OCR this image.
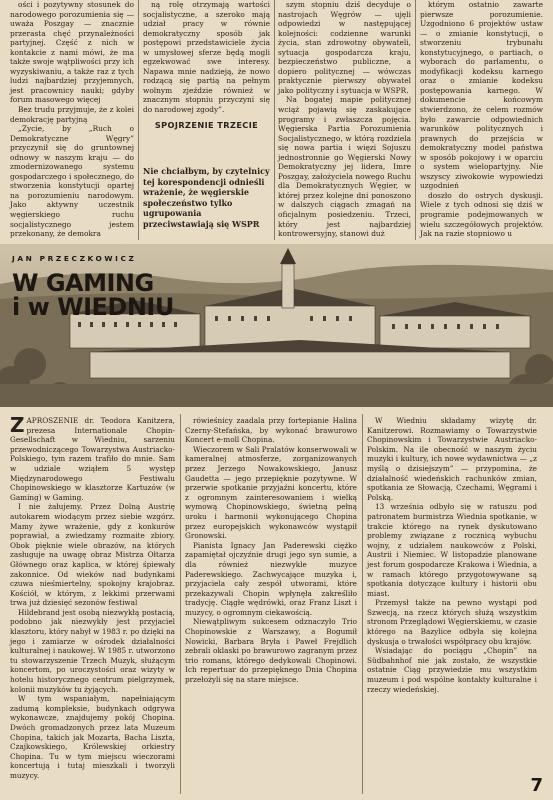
ości i pozytywny stosunek do narodowego porozumienia się — uważa Poszgay — znacznie przerasta chęć przynależności partyjnej. Część z nich w kontakcie z nami mówi, że ma także swoje wątpliwości przy ich wyzyskiwaniu, a także raz z tych ludzi najbardziej przyjemnych, jest pracownicy nauki; gdyby forum masowego więcej

Bez trudu przyjmuje, że z kolei demokrację partyjną

„Zycie, by „Ruch o Demokratyczne Węgry” przyczynił się do gruntownej odnowy w naszym kraju — do zmodernizowanego systemu gospodarczego i społecznego, do stworzenia konstytucji opartej na porozumieniu narodowym. Jako aktywny uczestnik węgierskiego ruchu socjalistycznego jestem przekonany, że demokra

ną rolę otrzymają wartości socjalistyczne, a szeroko mają udział pracy w równie demokratyczny sposób jak postępowi przedstawiciele życia w umysłowej sferze będą mogli egzekwować swe interesy. Napawa mnie nadzieją, że nowo rodzącą się partią na pełnym wolnym zjeździe również w znacznym stopniu przyczyni się do narodowej zgody”.

SPOJRZENIE TRZECIE
Nie chciałbym, by czytelnicy tej korespondencji odnieśli wrażenie, że węgierskie społeczeństwo tylko ugrupowania przeciwstawiają się WSPR

szym stopniu dziś decyduje o nastrojach Węgrów — ujęli odpowiedzi w następującej kolejności: codzienne warunki życia, stan zdrowotny obywateli, sytuacja gospodarcza kraju, bezpieczeństwo publiczne, a dopiero politycznej — wówczas praktycznie pierwszy obywatel jako polityczny i sytuacja w WSPR.

Na bogatej mapie politycznej wciąż pojawią się zaskakujące programy i zwłaszcza pojęcia. Węgierska Partia Porozumienia Socjalistycznego, w którą rozdziela się nowa partia i więzi Sojuszu jednostronnie go Węgierski Nowy Demokratyczny jej lidera, Imre Poszgay, założyciela nowego Ruchu dla Demokratycznych Węgier, w której przez kolejne dni ponoszono w dalszych ciągach zmagań na oficjalnym posiedzeniu. Trzeci, który jest najbardziej kontrowersyjny, stanowi duż

którym ostatnio zawarte pierwsze porozumienie. Uzgodniono 6 projektów ustaw — o zmianie konstytucji, o stworzeniu trybunału konstytucyjnego, o partiach, o wyborach do parlamentu, o modyfikacji kodeksu karnego oraz o zmianie kodeksu postępowania karnego. W dokumencie końcowym stwierdzono, że celem rozmów było zawarcie odpowiednich warunków politycznych i prawnych do przejścia w demokratyczny model państwa w sposób pokojowy i w oparciu o system wielopartyjny. Nie wszyscy ziwokowie wypowiedzi uzgodnień

doszło do ostrych dyskusji. Wiele z tych odnosi się dziś w programie podejmowanych w wielu szczegółowych projektów. Jak na razie stopniowo u

JAN PRZECZKOWICZ
W GAMING
i w WIEDNIU

ZAPROSZENIE dr. Teodora Kanitzera, prezesa Internationale Chopin-Gesellschaft w Wiedniu, sarzeniu przewodniczącego Towarzystwa Austriacko-Polskiego, tym razem trafiło do mnie. Sam w udziale wziąłem 5 występ Międzynarodowego Festiwalu Chopinowskiego w klasztorze Kartuzów (w Gaming) w Gaming.

I nie żałujemy. Przez Dolną Austrię autokarem wiodącym przez siebie wzgórz. Mamy żywe wrażenie, gdy z konkurów poprawiał, a zwiedzamy rozmaite zbiory. Obok pięknie wiele obrazów, na których zasługuje na uwagę obraz Mistrza Ołtarza Głównego oraz kaplica, w której śpiewały zakonnice. Od wieków nad budynkami czuwa nieśmiertelny, spokojny krajobraz. Kościół, w którym, z lekkimi przerwami trwa już dziesięć sezonów festiwal

Hildebrand jest osobą niezwykłą postacią, podobno jak niezwykły jest przyjaciel klasztoru, który nabył w 1983 r. po dzięki na jego i zamiarze w ośrodek działalności kulturalnej i naukowej. W 1985 r. utworzono tu stowarzyszenie Trzech Muzyk, służącym koncertom, po uroczystości oraz wizyty w hotelu historycznego centrum pielgrzymek, kolonii muzyków tu żyjących.

W tym wspaniałym, napełniającym zadumą kompleksie, budynkach odgrywa wykonawcze, znajdujemy pokój Chopina. Dwóch gromadzonych przez lata Muzeum Chopina, takich jak Mozarta, Bacha Liszta, Czajkowskiego, Królewskiej orkiestry Chopina. Tu w tym miejscu wieczorami koncertują i tutaj mieszkali i tworzyli muzycy.

rówieśnicy zaadala przy fortepianie Halina Czerny-Stefańska, by wykonać brawurowo Koncert e-moll Chopina.

Wieczorem w Sali Pralatów konserwowali w kameralnej atmosferze, zorganizowanych przez Jerzego Nowakowskiego, Janusz Gaudetta — jego przepięknie pozytywne. W przerwie spotkanie przyjaźni koncertu, które z ogromnym zainteresowaniem i wielką wymową Chopinowskiego, świetną pełną uroku i harmonii wykonującego Chopina przez europejskich wykonawców wystąpił Gronowski.

Pianista Ignacy Jan Paderewski ciężko zapamiętał ojczyźnie drugi jego syn sumie, a dla również niezwykle muzyce Paderewskiego. Zachwycające muzyka i, przyjaciela cały zespół utworami, które przekazywali Chopin wpłynęła zakreśliło tradycję. Ciągłe wędrówki, oraz Franz Liszt i muzycy, o ogromnym ciekawością.

Niewątpliwym sukcesem odznaczyło Trio Chopinowskie z Warszawy, a Bogumił Nowicki, Barbara Bryła i Paweł Frejdlich zebrali oklaski po brawurowo zagranym przez trio romans, którego dedykowali Chopinowi. Ich repertuar do przepięknego Dnia Chopina przełożyli się na stare miejsce.

W Wiedniu składamy wizytę dr. Kanitzerowi. Rozmawiamy o Towarzystwie Chopinowskim i Towarzystwie Austriacko-Polskim. Na ile obecność w naszym życiu muzyki i kultury, ich nowe wydawnictwa — „z myślą o dzisiejszym” — przypomina, że działalność wiedeńskich rachunków zmian, spotkania ze Słowacją, Czechami, Węgrami i Polską.

13 września odbyło się w ratuszu pod patronatem burmistrza Wiednia spotkanie, w trakcie którego na rynek dyskutowano problemy związane z rocznicą wybuchu wojny, z udziałem naukowców z Polski, Austrii i Niemiec. W listopadzie planowane jest forum gospodarcze Krakowa i Wiednia, a w ramach którego przygotowywane są spotkania dotyczące kultury i historii obu miast.

Przemysł także na pewno wystąpi pod Szwecją, na rzecz których służą wszystkim stronom Przeglądowi Węgierskiemu, w czasie którego na Bazylice odbyła się kolejna dyskusja o trwałości współpracy obu krajów.

Wsiadając do pociągu „Chopin” na Südbahnhof nie jak zostało, że wszystkie ostatnie Ciąg przywiedzie mu wszystkim muzeum i pod wspólne kontakty kulturalne i rzeczy wiedeńskiej.

7
